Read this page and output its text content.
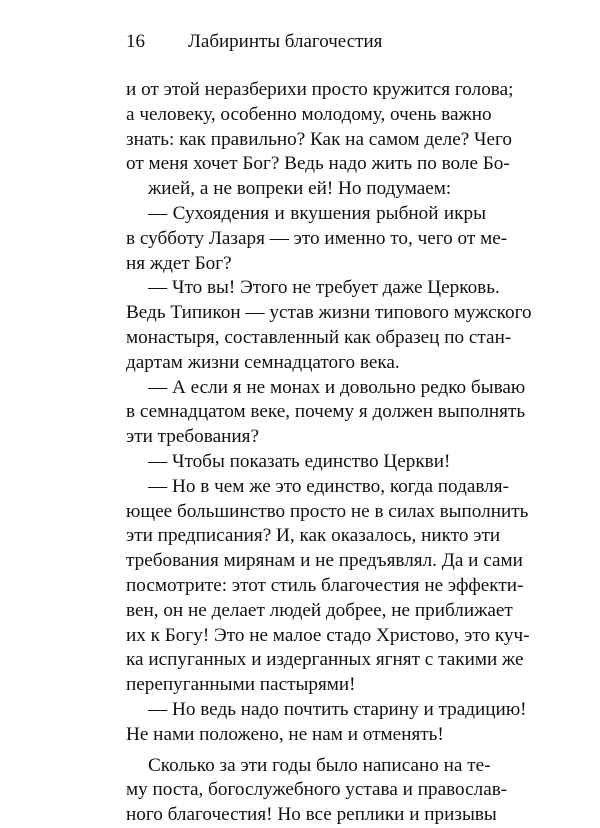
16 Лабиринты благочестия
и от этой неразберихи просто кружится голова;
а человеку, особенно молодому, очень важно
знать: как правильно? Как на самом деле? Чего
от меня хочет Бог? Ведь надо жить по воле Бо-
жией, а не вопреки ей! Но подумаем:
— Сухоядения и вкушения рыбной икры
в субботу Лазаря — это именно то, чего от ме-
ня ждет Бог?
— Что вы! Этого не требует даже Церковь.
Ведь Типикон — устав жизни типового мужского
монастыря, составленный как образец по стан-
дартам жизни семнадцатого века.
— А если я не монах и довольно редко бываю
в семнадцатом веке, почему я должен выполнять
эти требования?
— Чтобы показать единство Церкви!
— Но в чем же это единство, когда подавля-
ющее большинство просто не в силах выполнить
эти предписания? И, как оказалось, никто эти
требования мирянам и не предъявлял. Да и сами
посмотрите: этот стиль благочестия не эффекти-
вен, он не делает людей добрее, не приближает
их к Богу! Это не малое стадо Христово, это куч-
ка испуганных и издерганных ягнят с такими же
перепуганными пастырями!
— Но ведь надо почтить старину и традицию!
Не нами положено, не нам и отменять!
Сколько за эти годы было написано на те-
му поста, богослужебного устава и православ-
ного благочестия! Но все реплики и призывы
